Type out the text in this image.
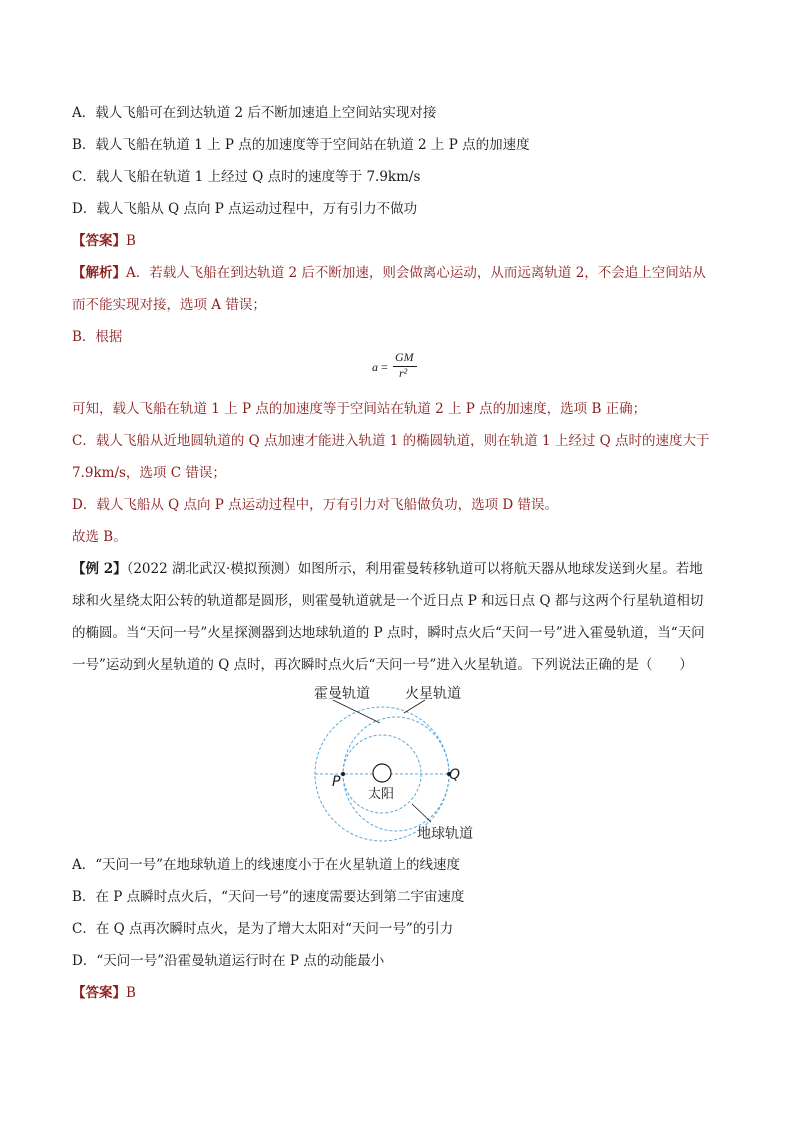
A．载人飞船可在到达轨道 2 后不断加速追上空间站实现对接
B．载人飞船在轨道 1 上 P 点的加速度等于空间站在轨道 2 上 P 点的加速度
C．载人飞船在轨道 1 上经过 Q 点时的速度等于 7.9km/s
D．载人飞船从 Q 点向 P 点运动过程中，万有引力不做功
【答案】B
【解析】A．若载人飞船在到达轨道 2 后不断加速，则会做离心运动，从而远离轨道 2，不会追上空间站从
而不能实现对接，选项 A 错误；
B．根据
a =
GM
r²
可知，载人飞船在轨道 1 上 P 点的加速度等于空间站在轨道 2 上 P 点的加速度，选项 B 正确；
C．载人飞船从近地圆轨道的 Q 点加速才能进入轨道 1 的椭圆轨道，则在轨道 1 上经过 Q 点时的速度大于
7.9km/s，选项 C 错误；
D．载人飞船从 Q 点向 P 点运动过程中，万有引力对飞船做负功，选项 D 错误。
故选 B。
【例 2】（2022 湖北武汉·模拟预测）如图所示，利用霍曼转移轨道可以将航天器从地球发送到火星。若地
球和火星绕太阳公转的轨道都是圆形，则霍曼轨道就是一个近日点 P 和远日点 Q 都与这两个行星轨道相切
的椭圆。当“天问一号”火星探测器到达地球轨道的 P 点时，瞬时点火后“天问一号”进入霍曼轨道，当“天问
一号”运动到火星轨道的 Q 点时，再次瞬时点火后“天问一号”进入火星轨道。下列说法正确的是（　　）
霍曼轨道	火星轨道
P	Q
太阳
地球轨道
A．“天问一号”在地球轨道上的线速度小于在火星轨道上的线速度
B．在 P 点瞬时点火后，“天问一号”的速度需要达到第二宇宙速度
C．在 Q 点再次瞬时点火，是为了增大太阳对“天问一号”的引力
D．“天问一号”沿霍曼轨道运行时在 P 点的动能最小
【答案】B
